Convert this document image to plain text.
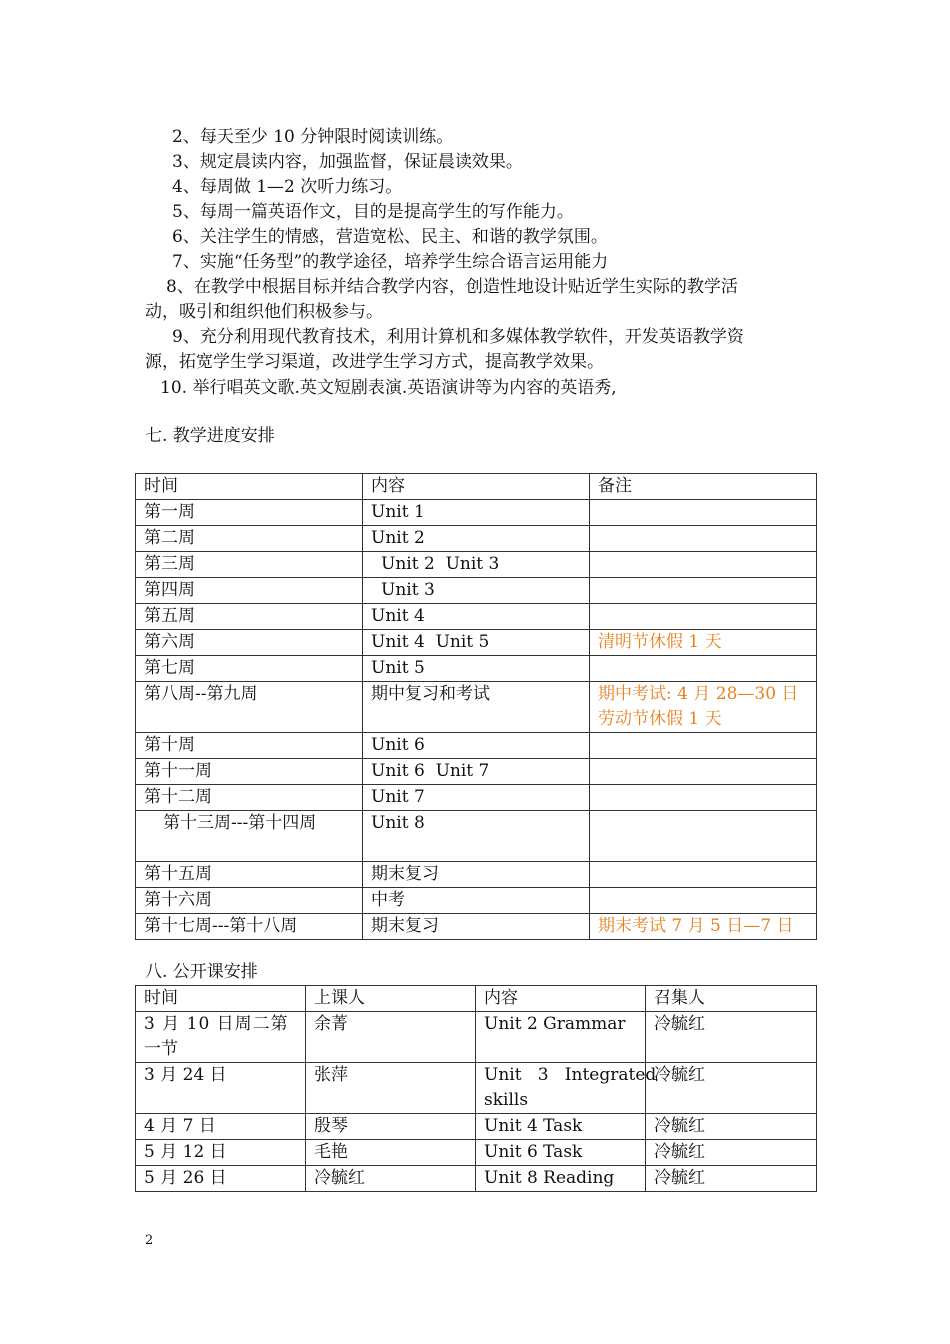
2、每天至少 10 分钟限时阅读训练。
3、规定晨读内容，加强监督，保证晨读效果。
4、每周做 1—2 次听力练习。
5、每周一篇英语作文，目的是提高学生的写作能力。
6、关注学生的情感，营造宽松、民主、和谐的教学氛围。
7、实施“任务型”的教学途径，培养学生综合语言运用能力
8、在教学中根据目标并结合教学内容，创造性地设计贴近学生实际的教学活
动，吸引和组织他们积极参与。
9、充分利用现代教育技术，利用计算机和多媒体教学软件，开发英语教学资
源，拓宽学生学习渠道，改进学生学习方式，提高教学效果。
10. 举行唱英文歌.英文短剧表演.英语演讲等为内容的英语秀,
七. 教学进度安排
时间	内容	备注
第一周	Unit 1	
第二周	Unit 2	
第三周	Unit 2  Unit 3	
第四周	Unit 3	
第五周	Unit 4	
第六周	Unit 4  Unit 5	清明节休假 1 天
第七周	Unit 5	
第八周--第九周	期中复习和考试	期中考试: 4 月 28—30 日
劳动节休假 1 天

第十周	Unit 6	
第十一周	Unit 6  Unit 7	
第十二周	Unit 7	
第十三周---第十四周	Unit 8	
第十五周	期末复习	
第十六周	中考	
第十七周---第十八周	期末复习	期末考试 7 月 5 日—7 日
八. 公开课安排
时间	上课人	内容	召集人

3 月 10 日周二第
一节	余菁	Unit 2 Grammar	冷毓红

3 月 24 日	张萍	Unit   3   Integrated
skills	冷毓红
4 月 7 日	殷琴	Unit 4 Task	冷毓红
5 月 12 日	毛艳	Unit 6 Task	冷毓红
5 月 26 日	冷毓红	Unit 8 Reading	冷毓红
2
